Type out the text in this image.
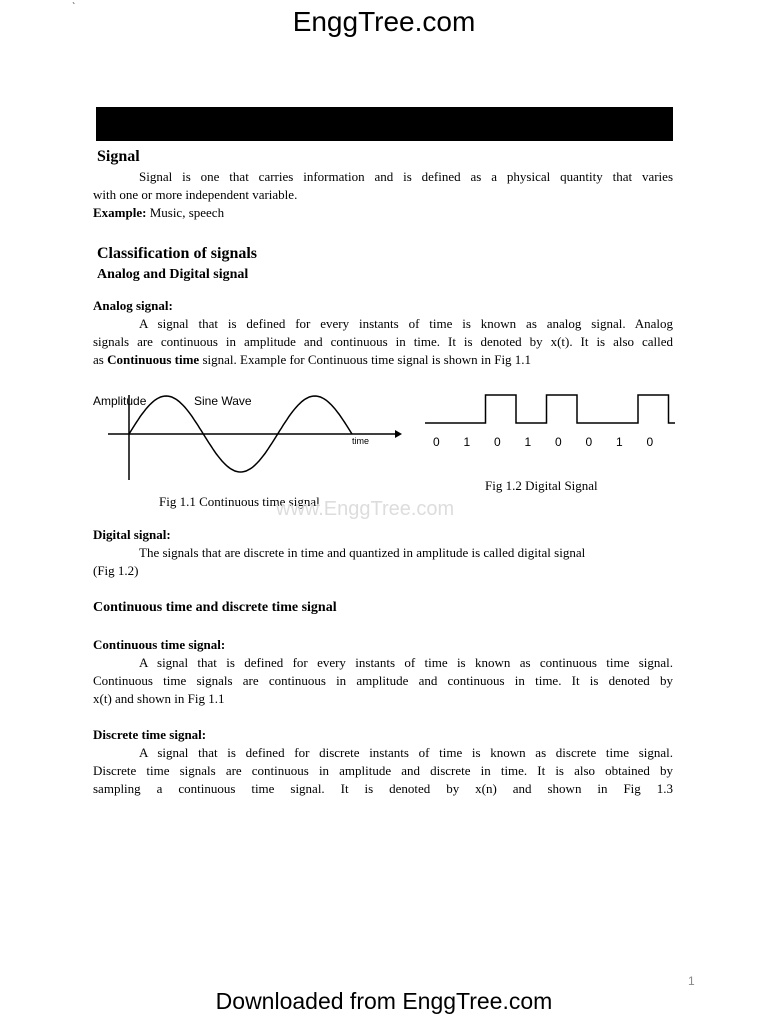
`	EnggTree.com
Signal
Signal is one that carries information and is defined as a physical quantity that varies
with one or more independent variable.
Example: Music, speech
Classification of signals
Analog and Digital signal
Analog signal:
A signal that is defined for every instants of time is known as analog signal. Analog
signals are continuous in amplitude and continuous in time. It is denoted by x(t). It is also called
as Continuous time signal. Example for Continuous time signal is shown in Fig 1.1
Amplitude	Sine Wave
time
Fig 1.1 Continuous time signal
0 1 0 1 0 0 1 0
Fig 1.2 Digital Signal
www.EnggTree.com
Digital signal:
The signals that are discrete in time and quantized in amplitude is called digital signal
(Fig 1.2)
Continuous time and discrete time signal
Continuous time signal:
A signal that is defined for every instants of time is known as continuous time signal.
Continuous time signals are continuous in amplitude and continuous in time. It is denoted by
x(t) and shown in Fig 1.1
Discrete time signal:
A signal that is defined for discrete instants of time is known as discrete time signal.
Discrete time signals are continuous in amplitude and discrete in time. It is also obtained by
sampling a continuous time signal. It is denoted by x(n) and shown in Fig 1.3
1
Downloaded from EnggTree.com
